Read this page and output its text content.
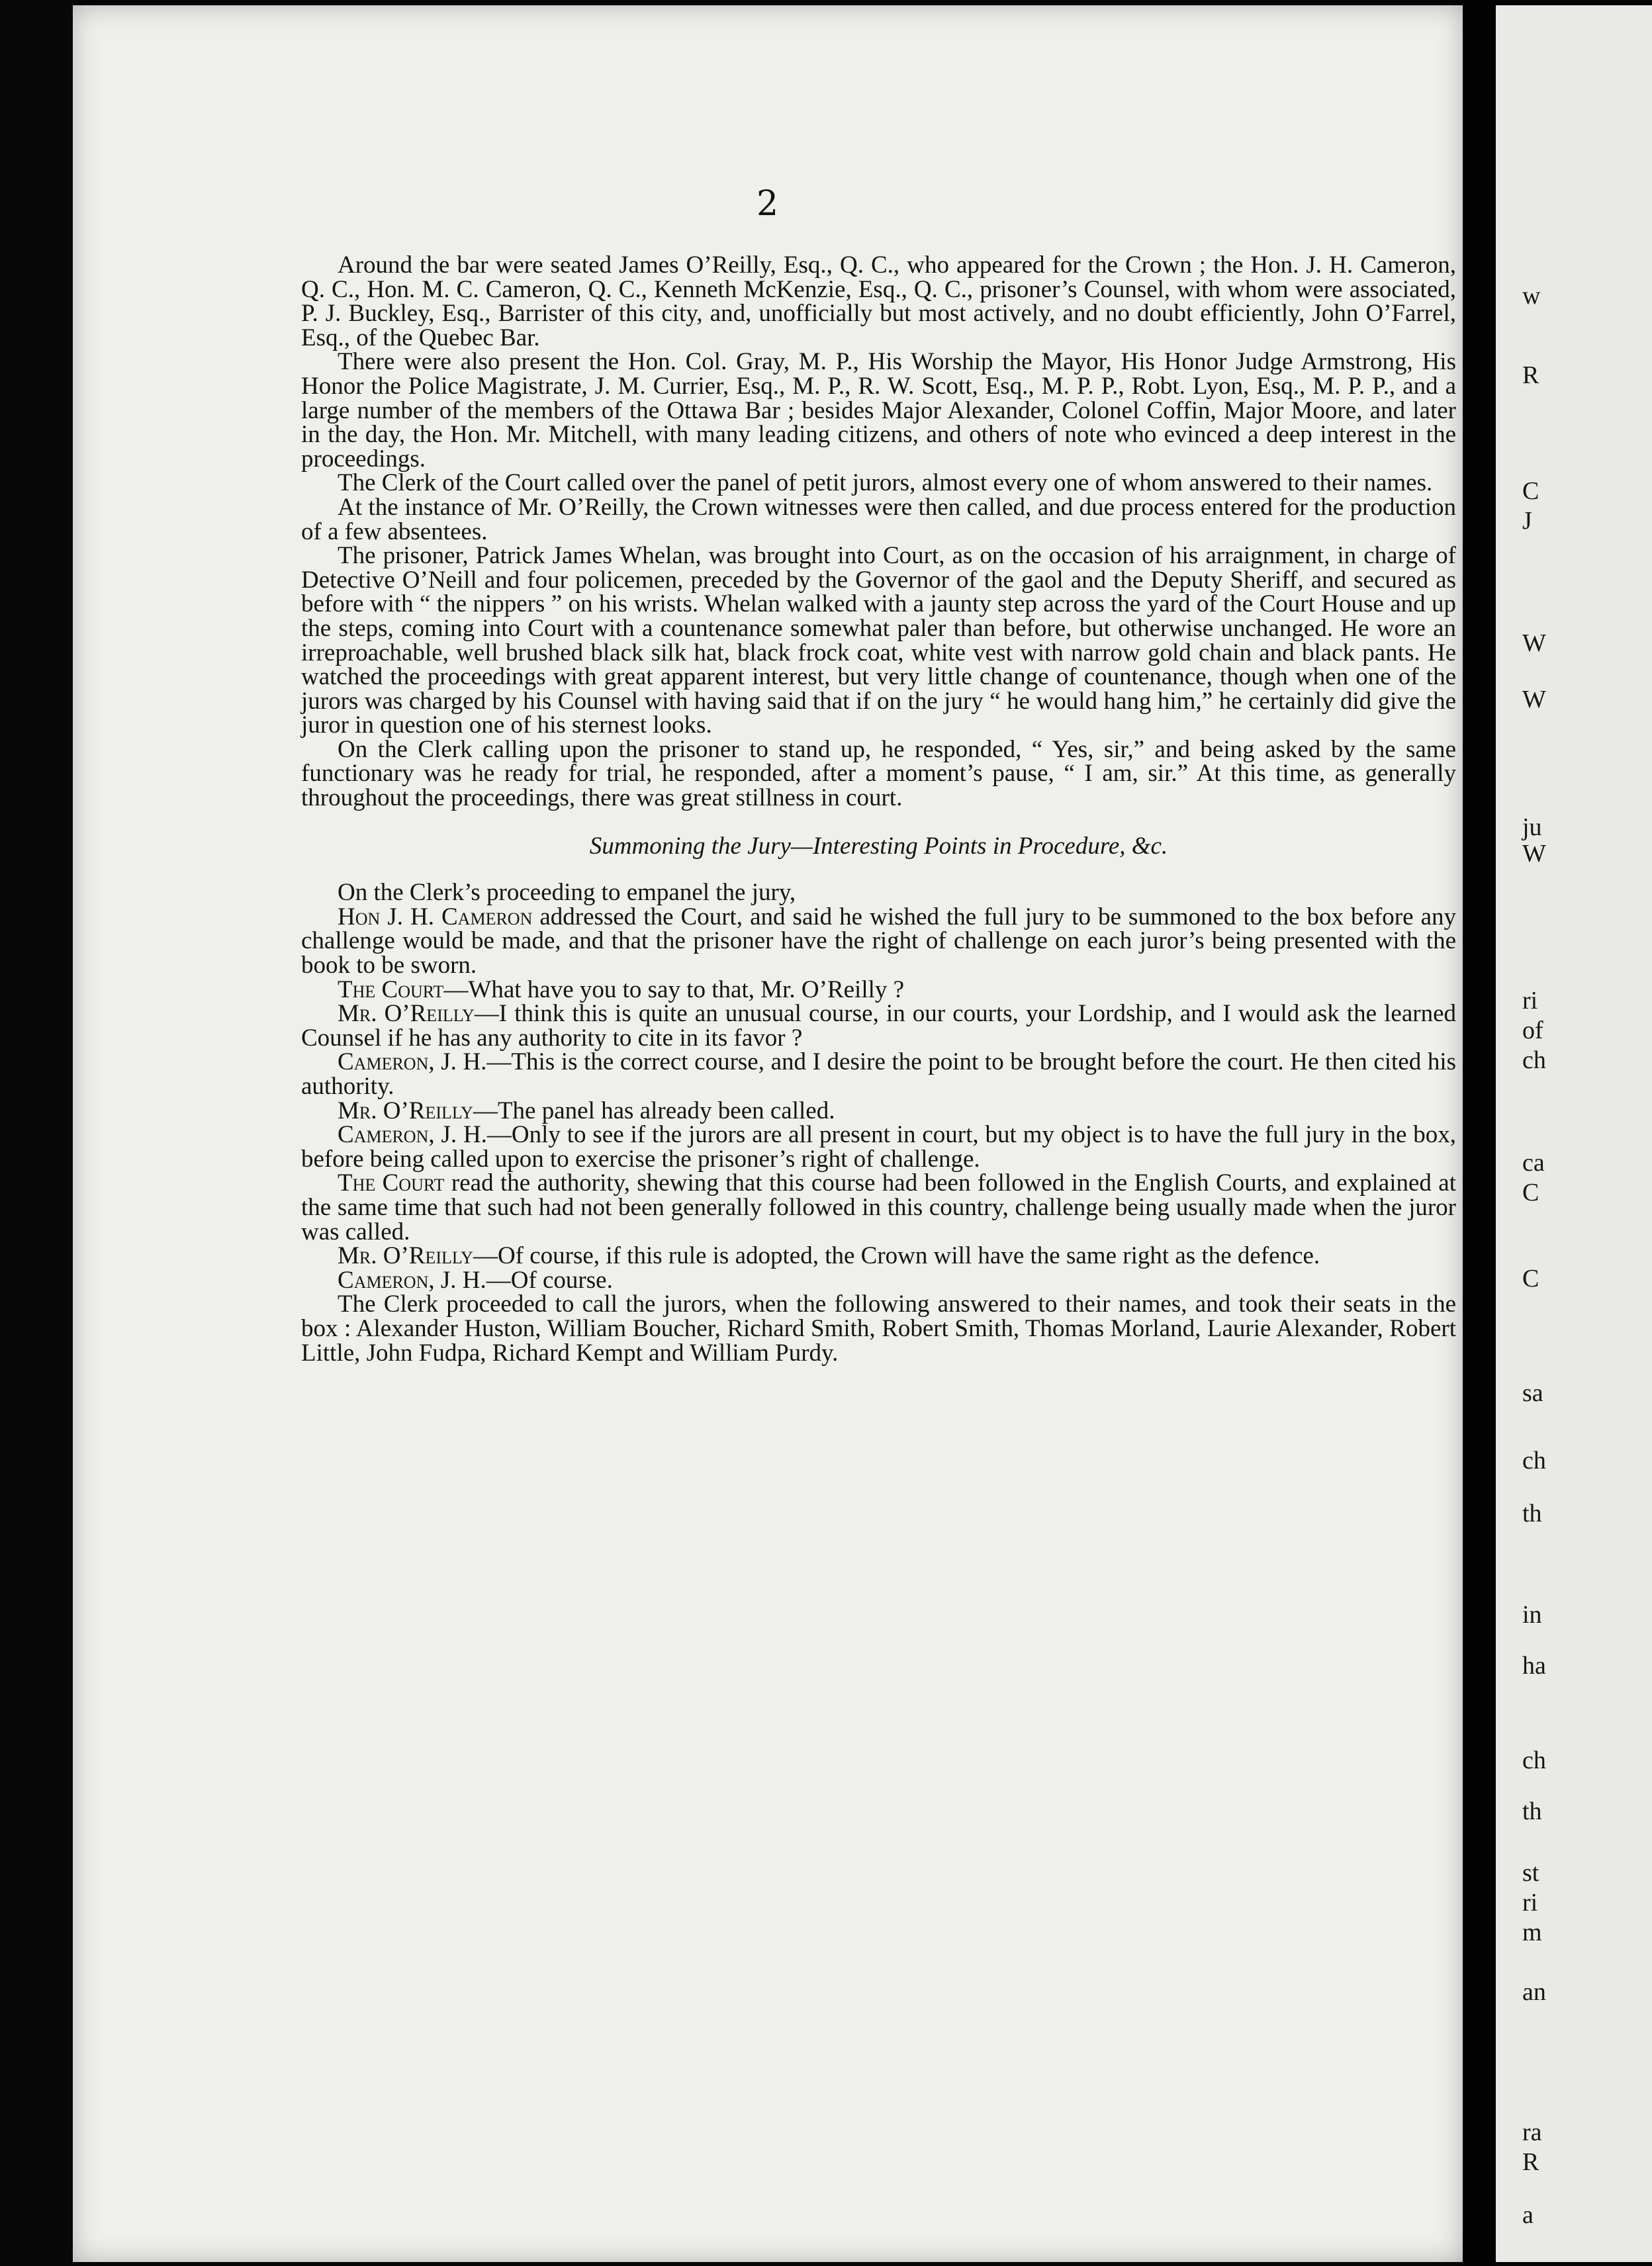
2

Around the bar were seated James O’Reilly, Esq., Q. C., who appeared for the Crown ; the Hon. J. H. Cameron, Q. C., Hon. M. C. Cameron, Q. C., Kenneth McKenzie, Esq., Q. C., prisoner’s Counsel, with whom were associated, P. J. Buckley, Esq., Barrister of this city, and, unofficially but most actively, and no doubt efficiently, John O’Farrel, Esq., of the Quebec Bar.

There were also present the Hon. Col. Gray, M. P., His Worship the Mayor, His Honor Judge Armstrong, His Honor the Police Magistrate, J. M. Currier, Esq., M. P., R. W. Scott, Esq., M. P. P., Robt. Lyon, Esq., M. P. P., and a large number of the members of the Ottawa Bar ; besides Major Alexander, Colonel Coffin, Major Moore, and later in the day, the Hon. Mr. Mitchell, with many leading citizens, and others of note who evinced a deep interest in the proceedings.

The Clerk of the Court called over the panel of petit jurors, almost every one of whom answered to their names.

At the instance of Mr. O’Reilly, the Crown witnesses were then called, and due process entered for the production of a few absentees.

The prisoner, Patrick James Whelan, was brought into Court, as on the occasion of his arraignment, in charge of Detective O’Neill and four policemen, preceded by the Governor of the gaol and the Deputy Sheriff, and secured as before with “ the nippers ” on his wrists. Whelan walked with a jaunty step across the yard of the Court House and up the steps, coming into Court with a countenance somewhat paler than before, but otherwise unchanged. He wore an irreproachable, well brushed black silk hat, black frock coat, white vest with narrow gold chain and black pants. He watched the proceedings with great apparent interest, but very little change of countenance, though when one of the jurors was charged by his Counsel with having said that if on the jury “ he would hang him,” he certainly did give the juror in question one of his sternest looks.

On the Clerk calling upon the prisoner to stand up, he responded, “ Yes, sir,” and being asked by the same functionary was he ready for trial, he responded, after a moment’s pause, “ I am, sir.” At this time, as generally throughout the proceedings, there was great stillness in court.

Summoning the Jury—Interesting Points in Procedure, &c.

On the Clerk’s proceeding to empanel the jury,

Hon J. H. Cameron addressed the Court, and said he wished the full jury to be summoned to the box before any challenge would be made, and that the prisoner have the right of challenge on each juror’s being presented with the book to be sworn.

The Court—What have you to say to that, Mr. O’Reilly ?

Mr. O’Reilly—I think this is quite an unusual course, in our courts, your Lordship, and I would ask the learned Counsel if he has any authority to cite in its favor ?

Cameron, J. H.—This is the correct course, and I desire the point to be brought before the court. He then cited his authority.

Mr. O’Reilly—The panel has already been called.

Cameron, J. H.—Only to see if the jurors are all present in court, but my object is to have the full jury in the box, before being called upon to exercise the prisoner’s right of challenge.

The Court read the authority, shewing that this course had been followed in the English Courts, and explained at the same time that such had not been generally followed in this country, challenge being usually made when the juror was called.

Mr. O’Reilly—Of course, if this rule is adopted, the Crown will have the same right as the defence.

Cameron, J. H.—Of course.

The Clerk proceeded to call the jurors, when the following answered to their names, and took their seats in the box : Alexander Huston, William Boucher, Richard Smith, Robert Smith, Thomas Morland, Laurie Alexander, Robert Little, John Fudpa, Richard Kempt and William Purdy.

w
R
C
J
W
W
ju
W
ri
of
ch
ca
C
C
sa
ch
th
in
ha
ch
th
st
ri
m
an
ra
R
a
